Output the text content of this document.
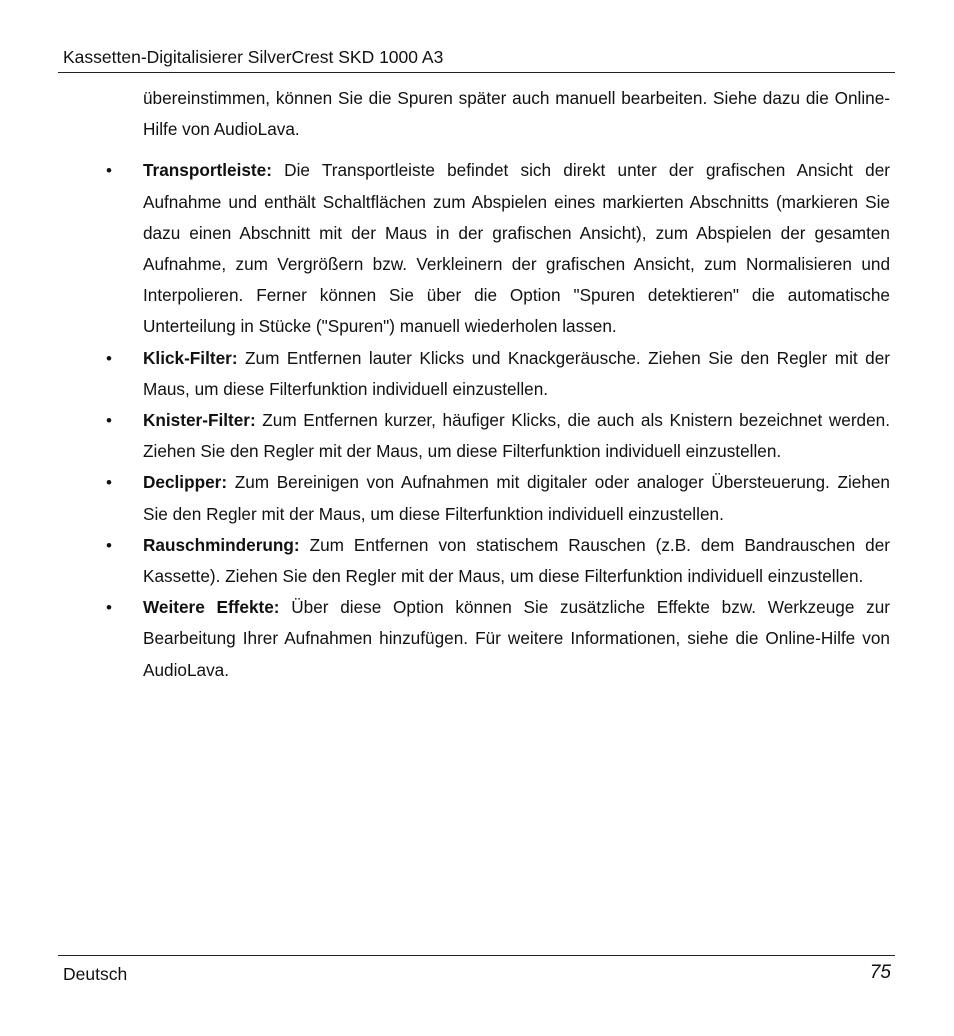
Kassetten-Digitalisierer SilverCrest SKD 1000 A3

übereinstimmen, können Sie die Spuren später auch manuell bearbeiten. Siehe dazu die Online-Hilfe von AudioLava.

• Transportleiste: Die Transportleiste befindet sich direkt unter der grafischen Ansicht der Aufnahme und enthält Schaltflächen zum Abspielen eines markierten Abschnitts (markieren Sie dazu einen Abschnitt mit der Maus in der grafischen Ansicht), zum Abspielen der gesamten Aufnahme, zum Vergrößern bzw. Verkleinern der grafischen Ansicht, zum Normalisieren und Interpolieren. Ferner können Sie über die Option "Spuren detektieren" die automatische Unterteilung in Stücke ("Spuren") manuell wiederholen lassen.

• Klick-Filter: Zum Entfernen lauter Klicks und Knackgeräusche. Ziehen Sie den Regler mit der Maus, um diese Filterfunktion individuell einzustellen.

• Knister-Filter: Zum Entfernen kurzer, häufiger Klicks, die auch als Knistern bezeichnet werden. Ziehen Sie den Regler mit der Maus, um diese Filterfunktion individuell einzustellen.

• Declipper: Zum Bereinigen von Aufnahmen mit digitaler oder analoger Übersteuerung. Ziehen Sie den Regler mit der Maus, um diese Filterfunktion individuell einzustellen.

• Rauschminderung: Zum Entfernen von statischem Rauschen (z.B. dem Bandrauschen der Kassette). Ziehen Sie den Regler mit der Maus, um diese Filterfunktion individuell einzustellen.

• Weitere Effekte: Über diese Option können Sie zusätzliche Effekte bzw. Werkzeuge zur Bearbeitung Ihrer Aufnahmen hinzufügen. Für weitere Informationen, siehe die Online-Hilfe von AudioLava.

Deutsch	75
